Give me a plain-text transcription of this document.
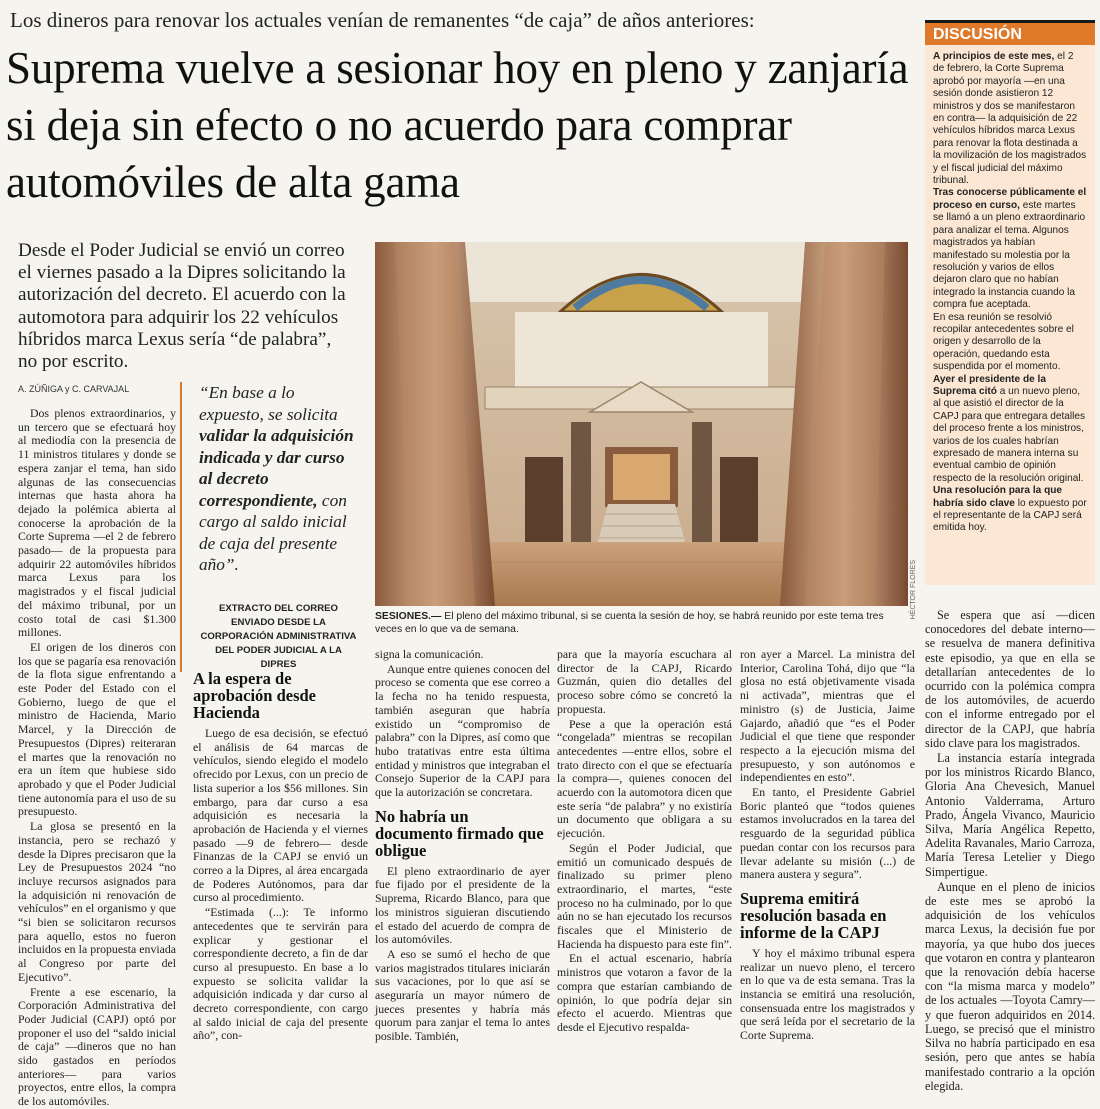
Los dineros para renovar los actuales venían de remanentes “de caja” de años anteriores:
Suprema vuelve a sesionar hoy en pleno y zanjaría si deja sin efecto o no acuerdo para comprar automóviles de alta gama
Desde el Poder Judicial se envió un correo el viernes pasado a la Dipres solicitando la autorización del decreto. El acuerdo con la automotora para adquirir los 22 vehículos híbridos marca Lexus sería “de palabra”, no por escrito.
A. ZÚÑIGA y C. CARVAJAL	“En base a lo expuesto, se solicita validar la adquisición indicada y dar curso al decreto correspondiente, con cargo al saldo inicial de caja del presente año”.
EXTRACTO DEL CORREO ENVIADO DESDE LA CORPORACIÓN ADMINISTRATIVA DEL PODER JUDICIAL A LA DIPRES
HÉCTOR FLORES
SESIONES.— El pleno del máximo tribunal, si se cuenta la sesión de hoy, se habrá reunido por este tema tres veces en lo que va de semana.
DISCUSIÓN

A principios de este mes, el 2 de febrero, la Corte Suprema aprobó por mayoría —en una sesión donde asistieron 12 ministros y dos se manifestaron en contra— la adquisición de 22 vehículos híbridos marca Lexus para renovar la flota destinada a la movilización de los magistrados y el fiscal judicial del máximo tribunal.

Tras conocerse públicamente el proceso en curso, este martes se llamó a un pleno extraordinario para analizar el tema. Algunos magistrados ya habían manifestado su molestia por la resolución y varios de ellos dejaron claro que no habían integrado la instancia cuando la compra fue aceptada.

En esa reunión se resolvió recopilar antecedentes sobre el origen y desarrollo de la operación, quedando esta suspendida por el momento.

Ayer el presidente de la Suprema citó a un nuevo pleno, al que asistió el director de la CAPJ para que entregara detalles del proceso frente a los ministros, varios de los cuales habrían expresado de manera interna su eventual cambio de opinión respecto de la resolución original.

Una resolución para la que habría sido clave lo expuesto por el representante de la CAPJ será emitida hoy.

Dos plenos extraordinarios, y un tercero que se efectuará hoy al mediodía con la presencia de 11 ministros titulares y donde se espera zanjar el tema, han sido algunas de las consecuencias internas que hasta ahora ha dejado la polémica abierta al conocerse la aprobación de la Corte Suprema —el 2 de febrero pasado— de la propuesta para adquirir 22 automóviles híbridos marca Lexus para los magistrados y el fiscal judicial del máximo tribunal, por un costo total de casi $1.300 millones.

El origen de los dineros con los que se pagaría esa renovación de la flota sigue enfrentando a este Poder del Estado con el Gobierno, luego de que el ministro de Hacienda, Mario Marcel, y la Dirección de Presupuestos (Dipres) reiteraran el martes que la renovación no era un ítem que hubiese sido aprobado y que el Poder Judicial tiene autonomía para el uso de su presupuesto.

La glosa se presentó en la instancia, pero se rechazó y desde la Dipres precisaron que la Ley de Presupuestos 2024 “no incluye recursos asignados para la adquisición ni renovación de vehículos” en el organismo y que “si bien se solicitaron recursos para aquello, estos no fueron incluidos en la propuesta enviada al Congreso por parte del Ejecutivo”.

Frente a ese escenario, la Corporación Administrativa del Poder Judicial (CAPJ) optó por proponer el uso del “saldo inicial de caja” —dineros que no han sido gastados en períodos anteriores— para varios proyectos, entre ellos, la compra de los automóviles.

A la espera de aprobación desde Hacienda

Luego de esa decisión, se efectuó el análisis de 64 marcas de vehículos, siendo elegido el modelo ofrecido por Lexus, con un precio de lista superior a los $56 millones. Sin embargo, para dar curso a esa adquisición es necesaria la aprobación de Hacienda y el viernes pasado —9 de febrero— desde Finanzas de la CAPJ se envió un correo a la Dipres, al área encargada de Poderes Autónomos, para dar curso al procedimiento.

“Estimada (...): Te informo antecedentes que te servirán para explicar y gestionar el correspondiente decreto, a fin de dar curso al presupuesto. En base a lo expuesto se solicita validar la adquisición indicada y dar curso al decreto correspondiente, con cargo al saldo inicial de caja del presente año”, con-

signa la comunicación.

Aunque entre quienes conocen del proceso se comenta que ese correo a la fecha no ha tenido respuesta, también aseguran que habría existido un “compromiso de palabra” con la Dipres, así como que hubo tratativas entre esta última entidad y ministros que integraban el Consejo Superior de la CAPJ para que la autorización se concretara.

No habría un documento firmado que obligue

El pleno extraordinario de ayer fue fijado por el presidente de la Suprema, Ricardo Blanco, para que los ministros siguieran discutiendo el estado del acuerdo de compra de los automóviles.

A eso se sumó el hecho de que varios magistrados titulares iniciarán sus vacaciones, por lo que así se aseguraría un mayor número de jueces presentes y habría más quorum para zanjar el tema lo antes posible. También,

para que la mayoría escuchara al director de la CAPJ, Ricardo Guzmán, quien dio detalles del proceso sobre cómo se concretó la propuesta.

Pese a que la operación está “congelada” mientras se recopilan antecedentes —entre ellos, sobre el trato directo con el que se efectuaría la compra—, quienes conocen del acuerdo con la automotora dicen que este sería “de palabra” y no existiría un documento que obligara a su ejecución.

Según el Poder Judicial, que emitió un comunicado después de finalizado su primer pleno extraordinario, el martes, “este proceso no ha culminado, por lo que aún no se han ejecutado los recursos fiscales que el Ministerio de Hacienda ha dispuesto para este fin”.

En el actual escenario, habría ministros que votaron a favor de la compra que estarían cambiando de opinión, lo que podría dejar sin efecto el acuerdo. Mientras que desde el Ejecutivo respalda-

ron ayer a Marcel. La ministra del Interior, Carolina Tohá, dijo que “la glosa no está objetivamente visada ni activada”, mientras que el ministro (s) de Justicia, Jaime Gajardo, añadió que “es el Poder Judicial el que tiene que responder respecto a la ejecución misma del presupuesto, y son autónomos e independientes en esto”.

En tanto, el Presidente Gabriel Boric planteó que “todos quienes estamos involucrados en la tarea del resguardo de la seguridad pública puedan contar con los recursos para llevar adelante su misión (...) de manera austera y segura”.

Suprema emitirá resolución basada en informe de la CAPJ

Y hoy el máximo tribunal espera realizar un nuevo pleno, el tercero en lo que va de esta semana. Tras la instancia se emitirá una resolución, consensuada entre los magistrados y que será leída por el secretario de la Corte Suprema.

Se espera que así —dicen conocedores del debate interno— se resuelva de manera definitiva este episodio, ya que en ella se detallarían antecedentes de lo ocurrido con la polémica compra de los automóviles, de acuerdo con el informe entregado por el director de la CAPJ, que habría sido clave para los magistrados.

La instancia estaría integrada por los ministros Ricardo Blanco, Gloria Ana Chevesich, Manuel Antonio Valderrama, Arturo Prado, Ángela Vivanco, Mauricio Silva, María Angélica Repetto, Adelita Ravanales, Mario Carroza, María Teresa Letelier y Diego Simpertigue.

Aunque en el pleno de inicios de este mes se aprobó la adquisición de los vehículos marca Lexus, la decisión fue por mayoría, ya que hubo dos jueces que votaron en contra y plantearon que la renovación debía hacerse con “la misma marca y modelo” de los actuales —Toyota Camry— y que fueron adquiridos en 2014. Luego, se precisó que el ministro Silva no habría participado en esa sesión, pero que antes se había manifestado contrario a la opción elegida.
